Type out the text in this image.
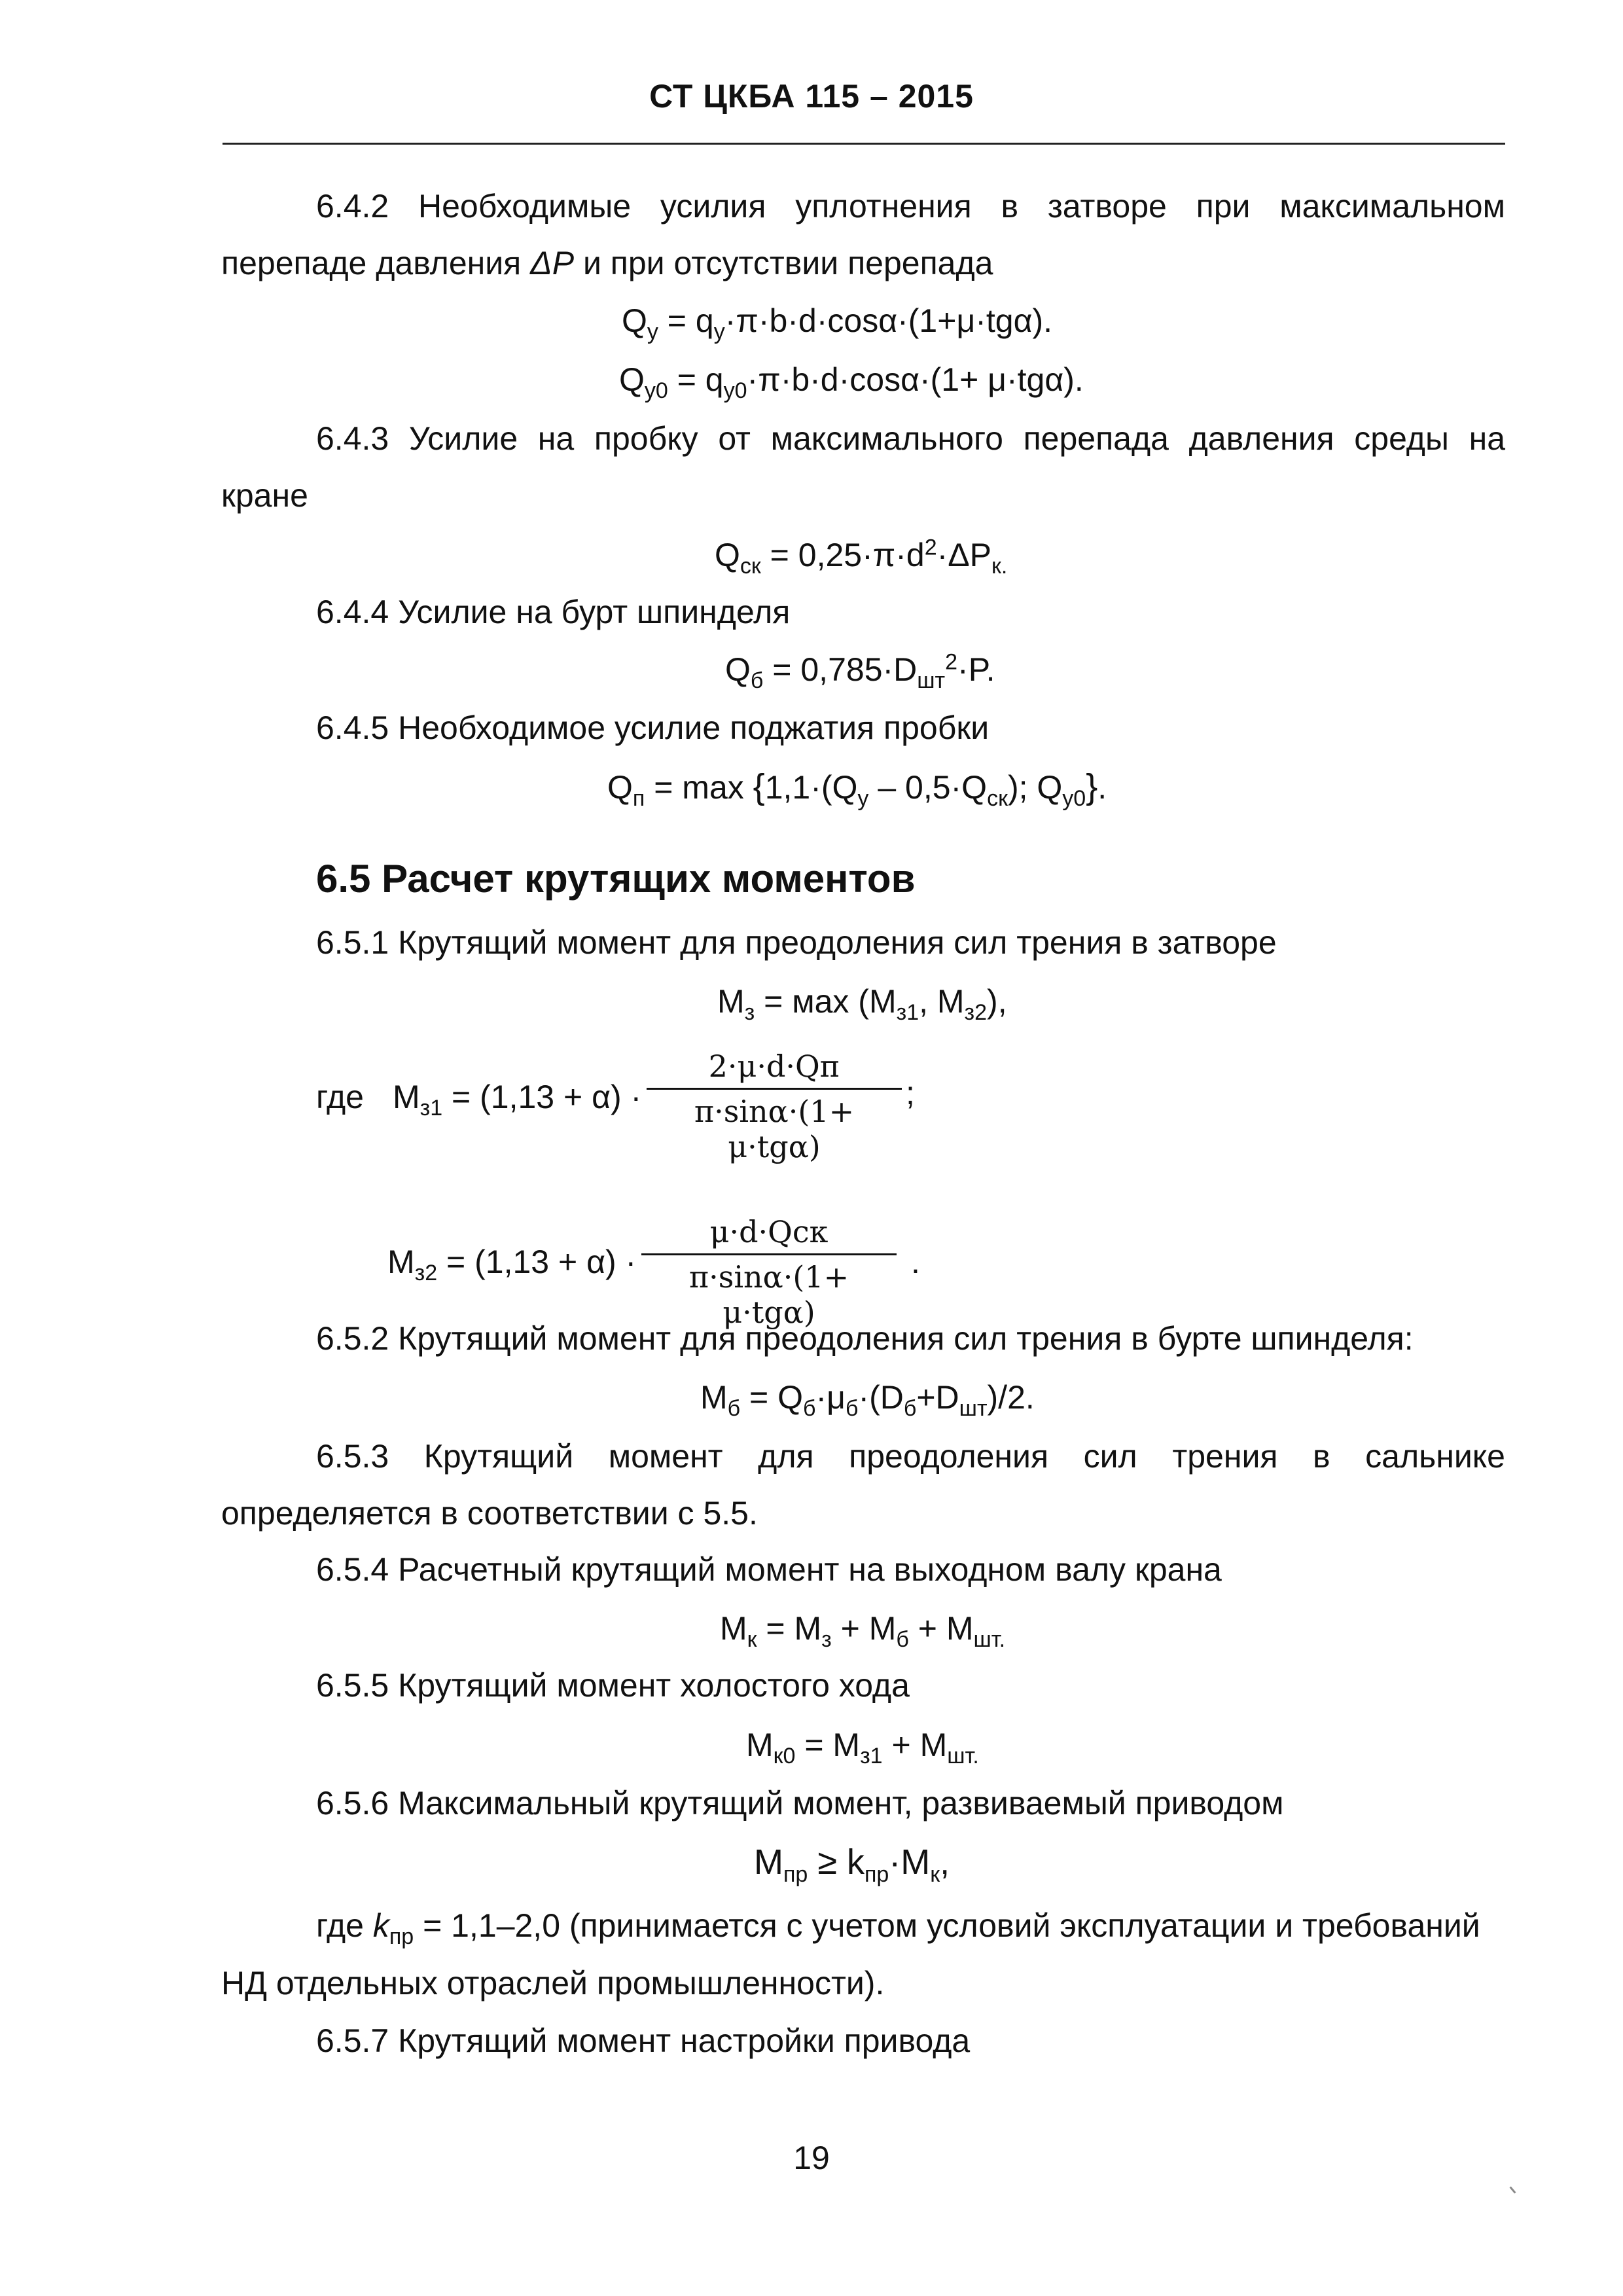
СТ ЦКБА 115 – 2015
6.4.2 Необходимые усилия уплотнения в затворе при максимальном
перепаде давления ΔP и при отсутствии перепада
$Q_y = q_y\cdot\pi\cdot b\cdot d\cdot\cos\alpha\cdot(1+\mu\cdot tg\alpha)$.
$Q_{y0} = q_{y0}\cdot\pi\cdot b\cdot d\cdot\cos\alpha\cdot(1+ \mu\cdot tg\alpha)$.
6.4.3 Усилие на пробку от максимального перепада давления среды на
кране
$Q_{ск} = 0,25\cdot\pi\cdot d^2\cdot\Delta P_{к.}$
6.4.4 Усилие на бурт шпинделя
$Q_б = 0,785\cdot D_{шт}^2\cdot P$.
6.4.5 Необходимое усилие поджатия пробки
$Q_п = \max \{1,1\cdot(Q_y - 0,5\cdot Q_{ск})$; $Q_{y0}$}.
6.5 Расчет крутящих моментов
6.5.1 Крутящий момент для преодоления сил трения в затворе
$М_з$ = мах ($М_{з1}$, $М_{з2}$),
где $М_{з1} = (1,13 + \alpha)$ ·
2·μ·d·Qп
π·sinα·(1+ μ·tgα)
;
$М_{з2} = (1,13 + \alpha)$ ·
μ·d·Qск
π·sinα·(1+ μ·tgα)
.
6.5.2 Крутящий момент для преодоления сил трения в бурте шпинделя:
$М_б = Q_б\cdot\mu_б\cdot(D_б+D_{шт})/2$.
6.5.3 Крутящий момент для преодоления сил трения в сальнике
определяется в соответствии с 5.5.
6.5.4 Расчетный крутящий момент на выходном валу крана
$М_к = М_з + М_б + М_{шт.}$
6.5.5 Крутящий момент холостого хода
$М_{к0} = М_{з1} + М_{шт.}$
6.5.6 Максимальный крутящий момент, развиваемый приводом
$М_{пр} \ge k_{пр}\cdot М_к$,
где $k_{пр} = 1,1-2,0$ (принимается с учетом условий эксплуатации и требований
НД отдельных отраслей промышленности).
6.5.7 Крутящий момент настройки привода
19
